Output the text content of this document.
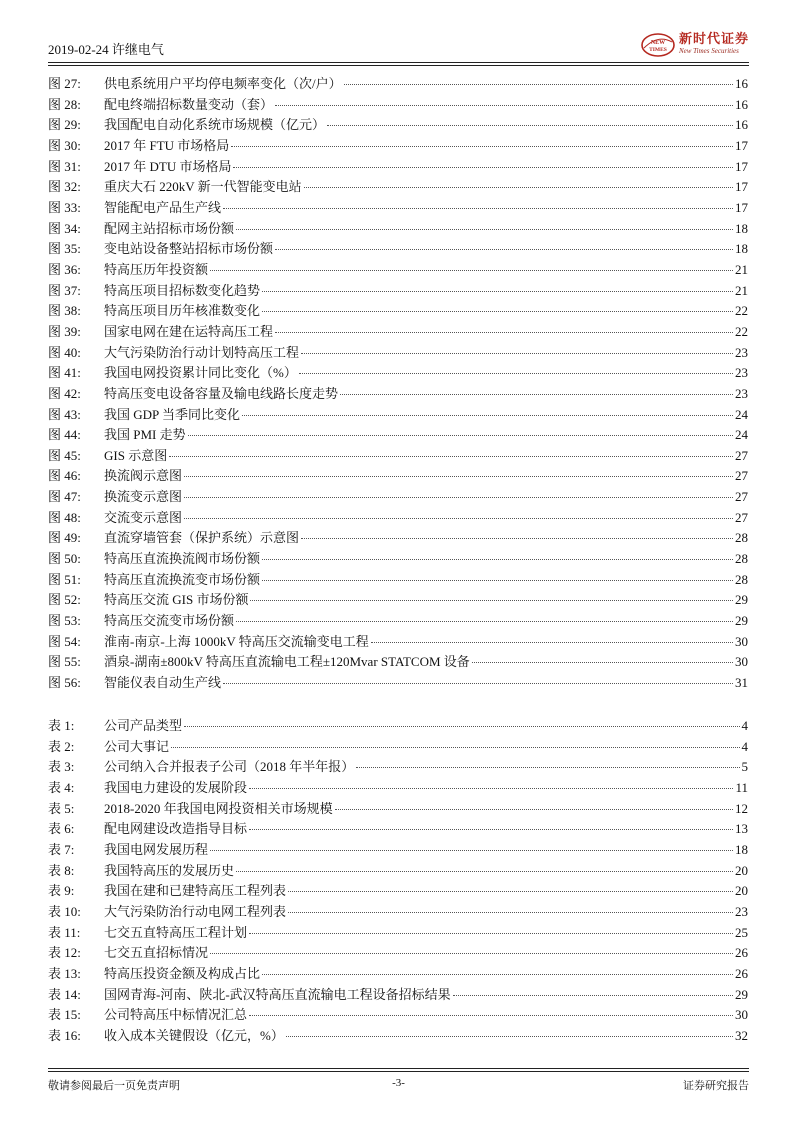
2019-02-24 许继电气	NEW
TIMES
新时代证券
New Times Securities
图 27:	供电系统用户平均停电频率变化（次/户）	16
图 28:	配电终端招标数量变动（套）	16
图 29:	我国配电自动化系统市场规模（亿元）	16
图 30:	2017 年 FTU 市场格局	17
图 31:	2017 年 DTU 市场格局	17
图 32:	重庆大石 220kV 新一代智能变电站	17
图 33:	智能配电产品生产线	17
图 34:	配网主站招标市场份额	18
图 35:	变电站设备整站招标市场份额	18
图 36:	特高压历年投资额	21
图 37:	特高压项目招标数变化趋势	21
图 38:	特高压项目历年核准数变化	22
图 39:	国家电网在建在运特高压工程	22
图 40:	大气污染防治行动计划特高压工程	23
图 41:	我国电网投资累计同比变化（%）	23
图 42:	特高压变电设备容量及输电线路长度走势	23
图 43:	我国 GDP 当季同比变化	24
图 44:	我国 PMI 走势	24
图 45:	GIS 示意图	27
图 46:	换流阀示意图	27
图 47:	换流变示意图	27
图 48:	交流变示意图	27
图 49:	直流穿墙管套（保护系统）示意图	28
图 50:	特高压直流换流阀市场份额	28
图 51:	特高压直流换流变市场份额	28
图 52:	特高压交流 GIS 市场份额	29
图 53:	特高压交流变市场份额	29
图 54:	淮南-南京-上海 1000kV 特高压交流输变电工程	30
图 55:	酒泉-湖南±800kV 特高压直流输电工程±120Mvar STATCOM 设备	30
图 56:	智能仪表自动生产线	31
表 1:	公司产品类型	4
表 2:	公司大事记	4
表 3:	公司纳入合并报表子公司（2018 年半年报）	5
表 4:	我国电力建设的发展阶段	11
表 5:	2018-2020 年我国电网投资相关市场规模	12
表 6:	配电网建设改造指导目标	13
表 7:	我国电网发展历程	18
表 8:	我国特高压的发展历史	20
表 9:	我国在建和已建特高压工程列表	20
表 10:	大气污染防治行动电网工程列表	23
表 11:	七交五直特高压工程计划	25
表 12:	七交五直招标情况	26
表 13:	特高压投资金额及构成占比	26
表 14:	国网青海-河南、陕北-武汉特高压直流输电工程设备招标结果	29
表 15:	公司特高压中标情况汇总	30
表 16:	收入成本关键假设（亿元，%）	32
敬请参阅最后一页免责声明	-3-	证券研究报告
